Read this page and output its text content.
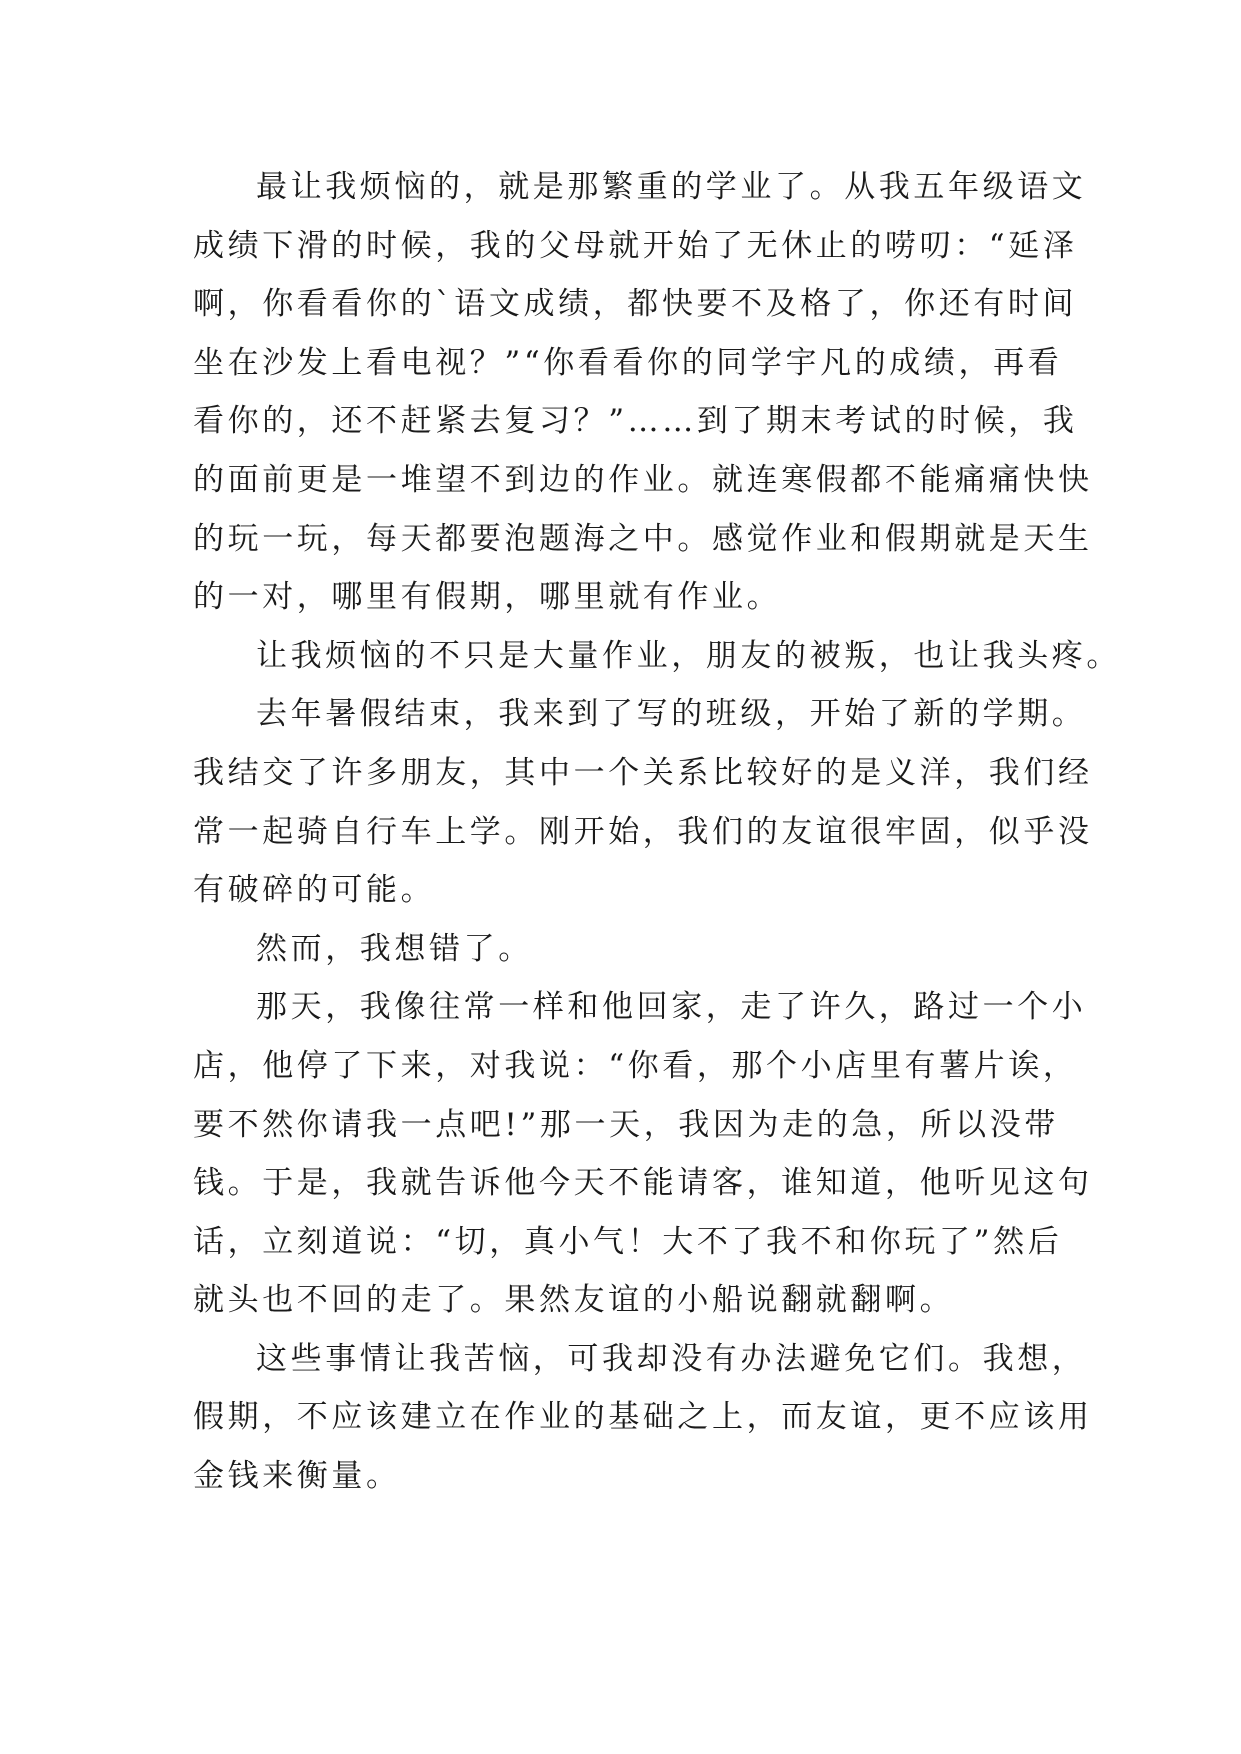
最让我烦恼的，就是那繁重的学业了。从我五年级语文
成绩下滑的时候，我的父母就开始了无休止的唠叨：“延泽
啊，你看看你的`语文成绩，都快要不及格了，你还有时间
坐在沙发上看电视？”“你看看你的同学宇凡的成绩，再看
看你的，还不赶紧去复习？”……到了期末考试的时候，我
的面前更是一堆望不到边的作业。就连寒假都不能痛痛快快
的玩一玩，每天都要泡题海之中。感觉作业和假期就是天生
的一对，哪里有假期，哪里就有作业。
让我烦恼的不只是大量作业，朋友的被叛，也让我头疼。
去年暑假结束，我来到了写的班级，开始了新的学期。
我结交了许多朋友，其中一个关系比较好的是义洋，我们经
常一起骑自行车上学。刚开始，我们的友谊很牢固，似乎没
有破碎的可能。
然而，我想错了。
那天，我像往常一样和他回家，走了许久，路过一个小
店，他停了下来，对我说：“你看，那个小店里有薯片诶，
要不然你请我一点吧!”那一天，我因为走的急，所以没带
钱。于是，我就告诉他今天不能请客，谁知道，他听见这句
话，立刻道说：“切，真小气！大不了我不和你玩了”然后
就头也不回的走了。果然友谊的小船说翻就翻啊。
这些事情让我苦恼，可我却没有办法避免它们。我想，
假期，不应该建立在作业的基础之上，而友谊，更不应该用
金钱来衡量。
